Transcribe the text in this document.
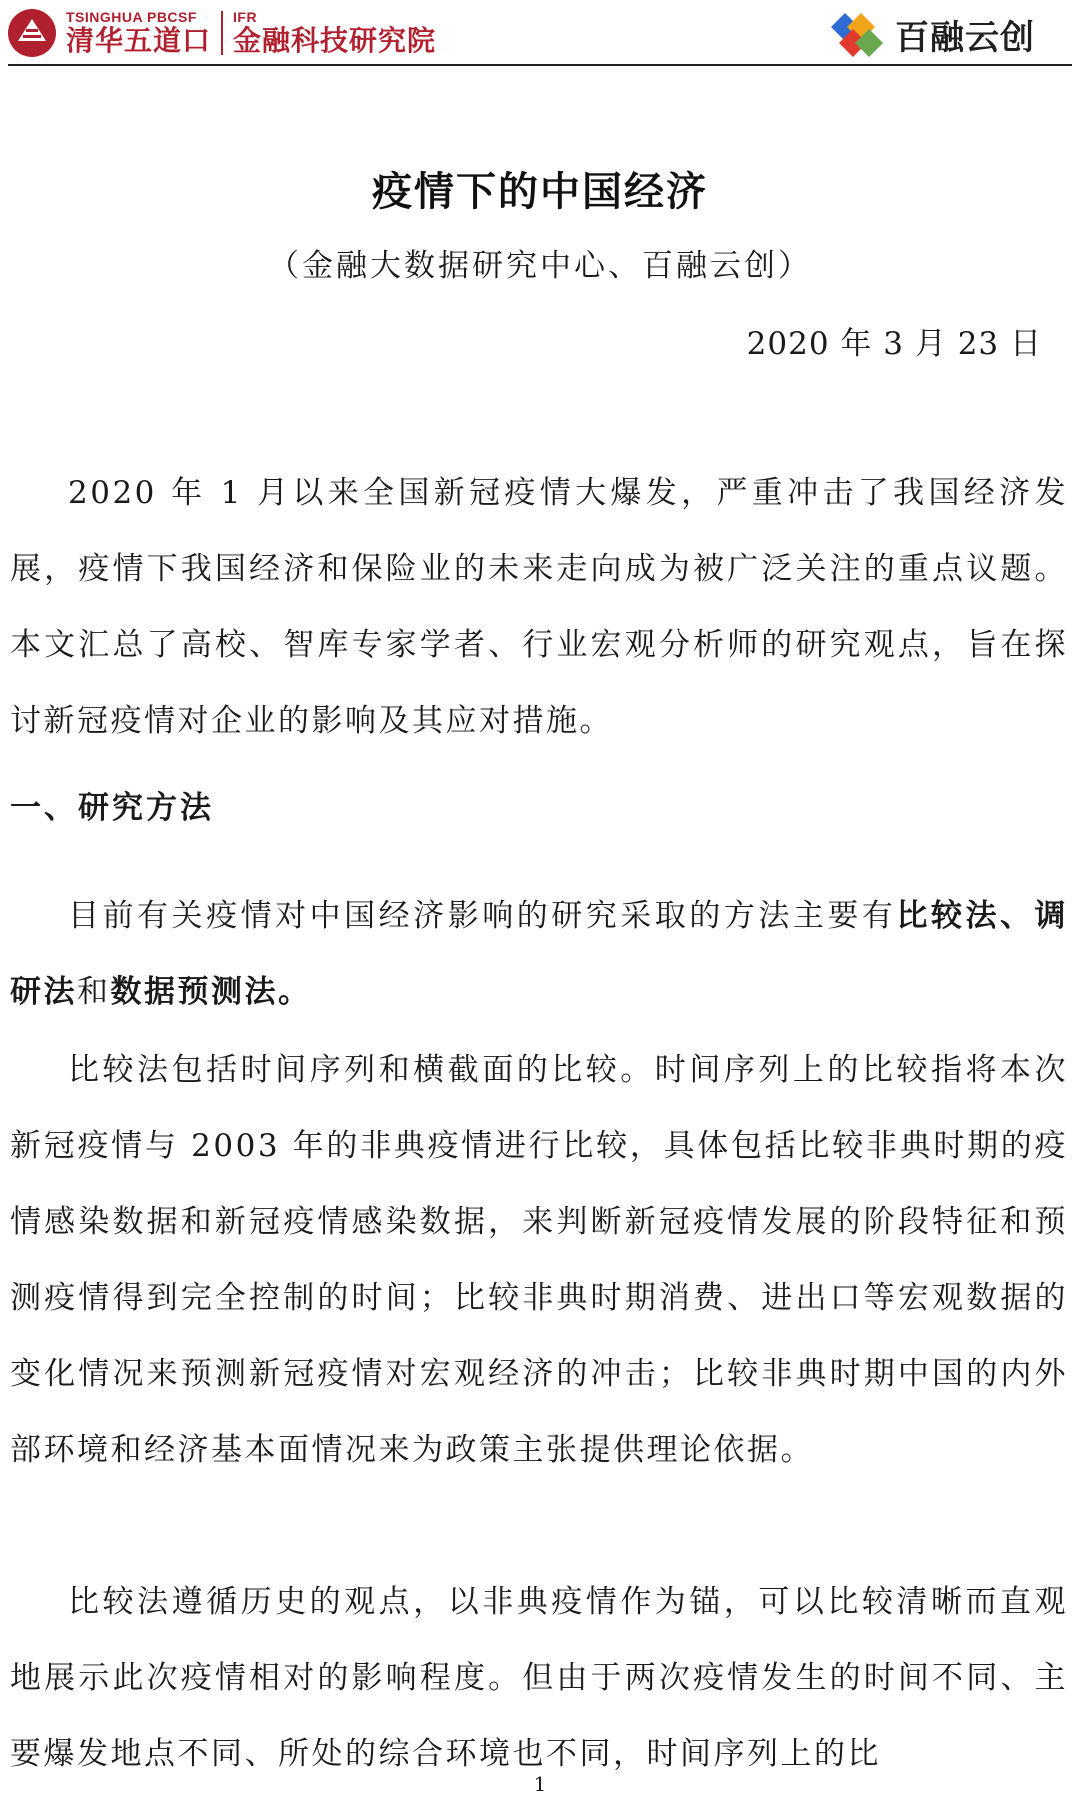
TSINGHUA PBCSF
清华五道口
IFR
金融科技研究院	百融云创
疫情下的中国经济
（金融大数据研究中心、百融云创）
2020 年 3 月 23 日

2020 年 1 月以来全国新冠疫情大爆发，严重冲击了我国经济发展，疫情下我国经济和保险业的未来走向成为被广泛关注的重点议题。本文汇总了高校、智库专家学者、行业宏观分析师的研究观点，旨在探讨新冠疫情对企业的影响及其应对措施。

一、研究方法

目前有关疫情对中国经济影响的研究采取的方法主要有比较法、调研法和数据预测法。

比较法包括时间序列和横截面的比较。时间序列上的比较指将本次新冠疫情与 2003 年的非典疫情进行比较，具体包括比较非典时期的疫情感染数据和新冠疫情感染数据，来判断新冠疫情发展的阶段特征和预测疫情得到完全控制的时间；比较非典时期消费、进出口等宏观数据的变化情况来预测新冠疫情对宏观经济的冲击；比较非典时期中国的内外部环境和经济基本面情况来为政策主张提供理论依据。

比较法遵循历史的观点，以非典疫情作为锚，可以比较清晰而直观地展示此次疫情相对的影响程度。但由于两次疫情发生的时间不同、主要爆发地点不同、所处的综合环境也不同，时间序列上的比

1
